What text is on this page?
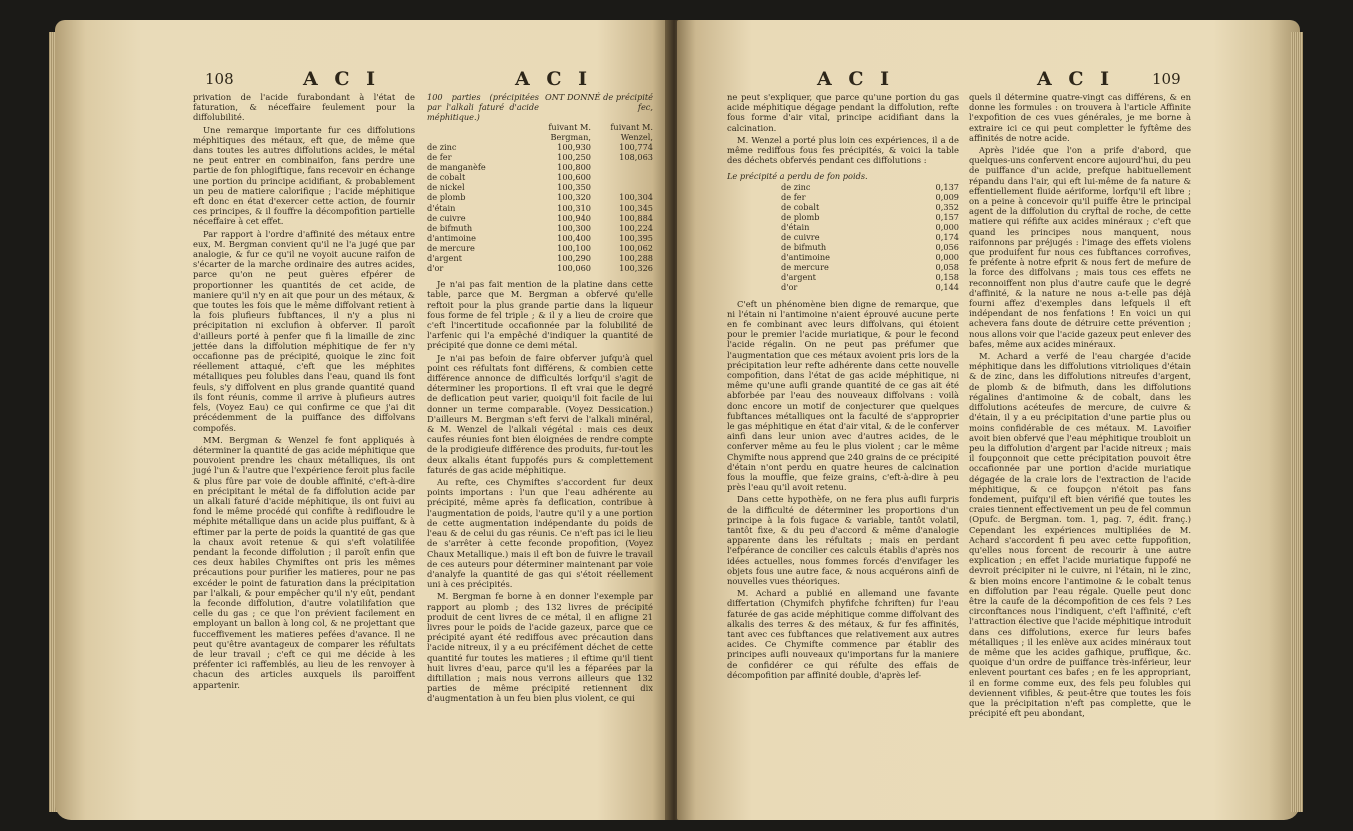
108	A C I	A C I

privation de l'acide furabondant à l'état de faturation, & néceffaire feulement pour la diffolubilité.

Une remarque importante fur ces diffolutions méphitiques des métaux, eft que, de même que dans toutes les autres diffolutions acides, le métal ne peut entrer en combinaifon, fans perdre une partie de fon phlogiftique, fans recevoir en échange une portion du principe acidifiant, & probablement un peu de matiere calorifique ; l'acide méphitique eft donc en état d'exercer cette action, de fournir ces principes, & il fouffre la décompofition partielle néceffaire à cet effet.

Par rapport à l'ordre d'affinité des métaux entre eux, M. Bergman convient qu'il ne l'a jugé que par analogie, & fur ce qu'il ne voyoit aucune raifon de s'écarter de la marche ordinaire des autres acides, parce qu'on ne peut guères efpérer de proportionner les quantités de cet acide, de maniere qu'il n'y en ait que pour un des métaux, & que toutes les fois que le même diffolvant retient à la fois plufieurs fubftances, il n'y a plus ni précipitation ni exclufion à obferver. Il paroît d'ailleurs porté à penfer que fi la limaille de zinc jettée dans la diffolution méphitique de fer n'y occafionne pas de précipité, quoique le zinc foit réellement attaqué, c'eft que les méphites métalliques peu folubles dans l'eau, quand ils font feuls, s'y diffolvent en plus grande quantité quand ils font réunis, comme il arrive à plufieurs autres fels, (Voyez Eau) ce qui confirme ce que j'ai dit précédemment de la puiffance des diffolvans compofés.

MM. Bergman & Wenzel fe font appliqués à déterminer la quantité de gas acide méphitique que pouvoient prendre les chaux métalliques, ils ont jugé l'un & l'autre que l'expérience feroit plus facile & plus fûre par voie de double affinité, c'eft-à-dire en précipitant le métal de fa diffolution acide par un alkali faturé d'acide méphitique, ils ont fuivi au fond le même procédé qui confifte à redifloudre le méphite métallique dans un acide plus puiffant, & à eftimer par la perte de poids la quantité de gas que la chaux avoit retenue & qui s'eft volatilifée pendant la feconde diffolution ; il paroît enfin que ces deux habiles Chymiftes ont pris les mêmes précautions pour purifier les matieres, pour ne pas excéder le point de faturation dans la précipitation par l'alkali, & pour empêcher qu'il n'y eût, pendant la feconde diffolution, d'autre volatilifation que celle du gas ; ce que l'on prévient facilement en employant un ballon à long col, & ne projettant que fucceffivement les matieres pefées d'avance. Il ne peut qu'être avantageux de comparer les réfultats de leur travail ; c'eft ce qui me décide à les préfenter ici raffemblés, au lieu de les renvoyer à chacun des articles auxquels ils paroiffent appartenir.

100 parties (précipitées par l'alkali faturé d'acide méphitique.)
ONT DONNÉ de précipité fec,
fuivant M. Bergman,
fuivant M. Wenzel,
de zinc	100,930	100,774
de fer	100,250	108,063
de manganèfe	100,800
de cobalt	100,600
de nickel	100,350
de plomb	100,320	100,304
d'étain	100,310	100,345
de cuivre	100,940	100,884
de bifmuth	100,300	100,224
d'antimoine	100,400	100,395
de mercure	100,100	100,062
d'argent	100,290	100,288
d'or	100,060	100,326

Je n'ai pas fait mention de la platine dans cette table, parce que M. Bergman a obfervé qu'elle reftoit pour la plus grande partie dans la liqueur fous forme de fel triple ; & il y a lieu de croire que c'eft l'incertitude occafionnée par la folubilité de l'arfenic qui l'a empêché d'indiquer la quantité de précipité que donne ce demi métal.

Je n'ai pas befoin de faire obferver jufqu'à quel point ces réfultats font différens, & combien cette différence annonce de difficultés lorfqu'il s'agit de déterminer les proportions. Il eft vrai que le degré de deflication peut varier, quoiqu'il foit facile de lui donner un terme comparable. (Voyez Dessication.) D'ailleurs M. Bergman s'eft fervi de l'alkali minéral, & M. Wenzel de l'alkali végétal : mais ces deux caufes réunies font bien éloignées de rendre compte de la prodigieufe différence des produits, fur-tout les deux alkalis étant fuppofés purs & complettement faturés de gas acide méphitique.

Au refte, ces Chymiftes s'accordent fur deux points importans : l'un que l'eau adhérente au précipité, même après fa deflication, contribue à l'augmentation de poids, l'autre qu'il y a une portion de cette augmentation indépendante du poids de l'eau & de celui du gas réunis. Ce n'eft pas ici le lieu de s'arrêter à cette feconde propofition, (Voyez Chaux Metallique.) mais il eft bon de fuivre le travail de ces auteurs pour déterminer maintenant par voie d'analyfe la quantité de gas qui s'étoit réellement uni à ces précipités.

M. Bergman fe borne à en donner l'exemple par rapport au plomb ; des 132 livres de précipité produit de cent livres de ce métal, il en afligne 21 livres pour le poids de l'acide gazeux, parce que ce précipité ayant été rediffous avec précaution dans l'acide nitreux, il y a eu précifément déchet de cette quantité fur toutes les matieres ; il eftime qu'il tient huit livres d'eau, parce qu'il les a féparées par la diftillation ; mais nous verrons ailleurs que 132 parties de même précipité retiennent dix d'augmentation à un feu bien plus violent, ce qui

A C I	A C I	109

ne peut s'expliquer, que parce qu'une portion du gas acide méphitique dégage pendant la diffolution, refte fous forme d'air vital, principe acidifiant dans la calcination.

M. Wenzel a porté plus loin ces expériences, il a de même rediffous fous fes précipités, & voici la table des déchets obfervés pendant ces diffolutions :

Le précipité a perdu de fon poids.
de zinc	0,137
de fer	0,009
de cobalt	0,352
de plomb	0,157
d'étain	0,000
de cuivre	0,174
de bifmuth	0,056
d'antimoine	0,000
de mercure	0,058
d'argent	0,158
d'or	0,144

C'eft un phénomène bien digne de remarque, que ni l'étain ni l'antimoine n'aient éprouvé aucune perte en fe combinant avec leurs diffolvans, qui étoient pour le premier l'acide muriatique, & pour le fecond l'acide régalin. On ne peut pas préfumer que l'augmentation que ces métaux avoient pris lors de la précipitation leur refte adhérente dans cette nouvelle compofition, dans l'état de gas acide méphitique, ni même qu'une aufli grande quantité de ce gas ait été abforbée par l'eau des nouveaux diffolvans : voilà donc encore un motif de conjecturer que quelques fubftances métalliques ont la faculté de s'approprier le gas méphitique en état d'air vital, & de le conferver ainfi dans leur union avec d'autres acides, de le conferver même au feu le plus violent ; car le même Chymifte nous apprend que 240 grains de ce précipité d'étain n'ont perdu en quatre heures de calcination fous la mouffle, que feize grains, c'eft-à-dire à peu près l'eau qu'il avoit retenu.

Dans cette hypothèfe, on ne fera plus aufli furpris de la difficulté de déterminer les proportions d'un principe à la fois fugace & variable, tantôt volatil, tantôt fixe, & du peu d'accord & même d'analogie apparente dans les réfultats ; mais en perdant l'efpérance de concilier ces calculs établis d'après nos idées actuelles, nous fommes forcés d'envifager les objets fous une autre face, & nous acquérons ainfi de nouvelles vues théoriques.

M. Achard a publié en allemand une favante differtation (Chymifch phyfifche fchriften) fur l'eau faturée de gas acide méphitique comme diffolvant des alkalis des terres & des métaux, & fur fes affinités, tant avec ces fubftances que relativement aux autres acides. Ce Chymifte commence par établir des principes aufli nouveaux qu'importans fur la maniere de confidérer ce qui réfulte des effais de décompofition par affinité double, d'après lef-

quels il détermine quatre-vingt cas différens, & en donne les formules : on trouvera à l'article Affinite l'expofition de ces vues générales, je me borne à extraire ici ce qui peut completter le fyftême des affinités de notre acide.

Après l'idée que l'on a prife d'abord, que quelques-uns confervent encore aujourd'hui, du peu de puiffance d'un acide, prefque habituellement répandu dans l'air, qui eft lui-même de fa nature & effentiellement fluide aériforme, lorfqu'il eft libre ; on a peine à concevoir qu'il puiffe être le principal agent de la diffolution du cryftal de roche, de cette matiere qui réfifte aux acides minéraux ; c'eft que quand les principes nous manquent, nous raifonnons par préjugés : l'image des effets violens que produifent fur nous ces fubftances corrofives, fe préfente à notre efprit & nous fert de mefure de la force des diffolvans ; mais tous ces effets ne reconnoiffent non plus d'autre caufe que le degré d'affinité, & la nature ne nous a-t-elle pas déjà fourni affez d'exemples dans lefquels il eft indépendant de nos fenfations ! En voici un qui achevera fans doute de détruire cette prévention ; nous allons voir que l'acide gazeux peut enlever des bafes, même aux acides minéraux.

M. Achard a verfé de l'eau chargée d'acide méphitique dans les diffolutions vitrioliques d'étain & de zinc, dans les diffolutions nitreufes d'argent, de plomb & de bifmuth, dans les diffolutions régalines d'antimoine & de cobalt, dans les diffolutions acéteufes de mercure, de cuivre & d'étain, il y a eu précipitation d'une partie plus ou moins confidérable de ces métaux. M. Lavoifier avoit bien obfervé que l'eau méphitique troubloit un peu la diffolution d'argent par l'acide nitreux ; mais il foupçonnoit que cette précipitation pouvoit être occafionnée par une portion d'acide muriatique dégagée de la craie lors de l'extraction de l'acide méphitique, & ce foupçon n'étoit pas fans fondement, puifqu'il eft bien vérifié que toutes les craies tiennent effectivement un peu de fel commun (Opufc. de Bergman. tom. 1, pag. 7, édit. franç.) Cependant les expériences multipliées de M. Achard s'accordent fi peu avec cette fuppofition, qu'elles nous forcent de recourir à une autre explication ; en effet l'acide muriatique fuppofé ne devroit précipiter ni le cuivre, ni l'étain, ni le zinc, & bien moins encore l'antimoine & le cobalt tenus en diffolution par l'eau régale. Quelle peut donc être la caufe de la décompofition de ces fels ? Les circonftances nous l'indiquent, c'eft l'affinité, c'eft l'attraction élective que l'acide méphitique introduit dans ces diffolutions, exerce fur leurs bafes métalliques ; il les enlève aux acides minéraux tout de même que les acides gafhique, pruffique, &c. quoique d'un ordre de puiffance très-inférieur, leur enlevent pourtant ces bafes ; en fe les appropriant, il en forme comme eux, des fels peu folubles qui deviennent vifibles, & peut-être que toutes les fois que la précipitation n'eft pas complette, que le précipité eft peu abondant,
